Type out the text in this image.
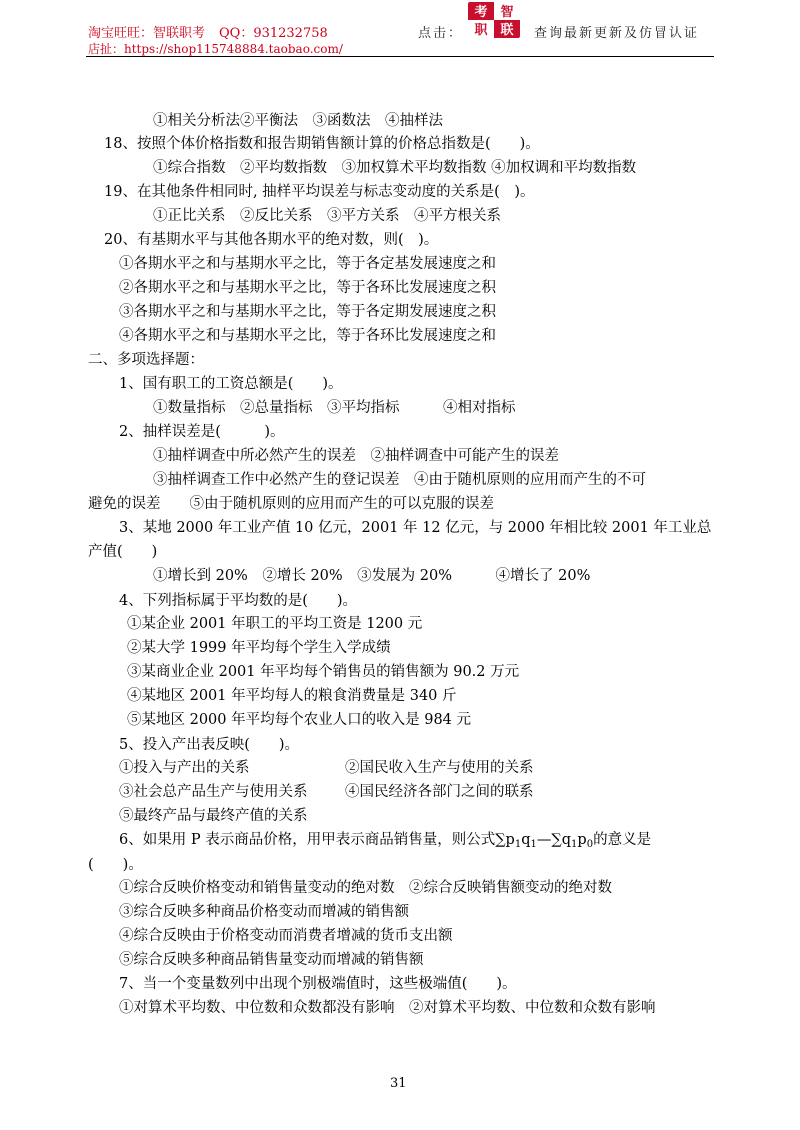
淘宝旺旺：智联职考 QQ：931232758
店扯：https://shop115748884.taobao.com/
点击：
考 智
职 联 查询最新更新及仿冒认证
①相关分析法②平衡法　③函数法　④抽样法
18、按照个体价格指数和报告期销售额计算的价格总指数是(　　)。
①综合指数　②平均数指数　③加权算术平均数指数 ④加权调和平均数指数
19、在其他条件相同时, 抽样平均误差与标志变动度的关系是(　)。
①正比关系　②反比关系　③平方关系　④平方根关系
20、有基期水平与其他各期水平的绝对数，则(　)。
①各期水平之和与基期水平之比，等于各定基发展速度之和
②各期水平之和与基期水平之比，等于各环比发展速度之积
③各期水平之和与基期水平之比，等于各定期发展速度之积
④各期水平之和与基期水平之比，等于各环比发展速度之和
二、多项选择题：
1、国有职工的工资总额是(　　)。
①数量指标　②总量指标　③平均指标　　　④相对指标
2、抽样误差是(　　　)。
①抽样调查中所必然产生的误差　②抽样调查中可能产生的误差
③抽样调查工作中必然产生的登记误差　④由于随机原则的应用而产生的不可
避免的误差　　⑤由于随机原则的应用而产生的可以克服的误差
3、某地 2000 年工业产值 10 亿元，2001 年 12 亿元，与 2000 年相比较 2001 年工业总
产值(　　)
①增长到 20%　②增长 20%　③发展为 20%　　　④增长了 20%
4、下列指标属于平均数的是(　　)。
①某企业 2001 年职工的平均工资是 1200 元
②某大学 1999 年平均每个学生入学成绩
③某商业企业 2001 年平均每个销售员的销售额为 90.2 万元
④某地区 2001 年平均每人的粮食消费量是 340 斤
⑤某地区 2000 年平均每个农业人口的收入是 984 元
5、投入产出表反映(　　)。
①投入与产出的关系	②国民收入生产与使用的关系
③社会总产品生产与使用关系	④国民经济各部门之间的联系
⑤最终产品与最终产值的关系
6、如果用 P 表示商品价格，用甲表示商品销售量，则公式$\sum p_1q_1—\sum q_1p_0$的意义是
(　　)。
①综合反映价格变动和销售量变动的绝对数　②综合反映销售额变动的绝对数
③综合反映多种商品价格变动而增减的销售额
④综合反映由于价格变动而消费者增减的货币支出额
⑤综合反映多种商品销售量变动而增减的销售额
7、当一个变量数列中出现个别极端值时，这些极端值(　　)。
①对算术平均数、中位数和众数都没有影响　②对算术平均数、中位数和众数有影响
31
